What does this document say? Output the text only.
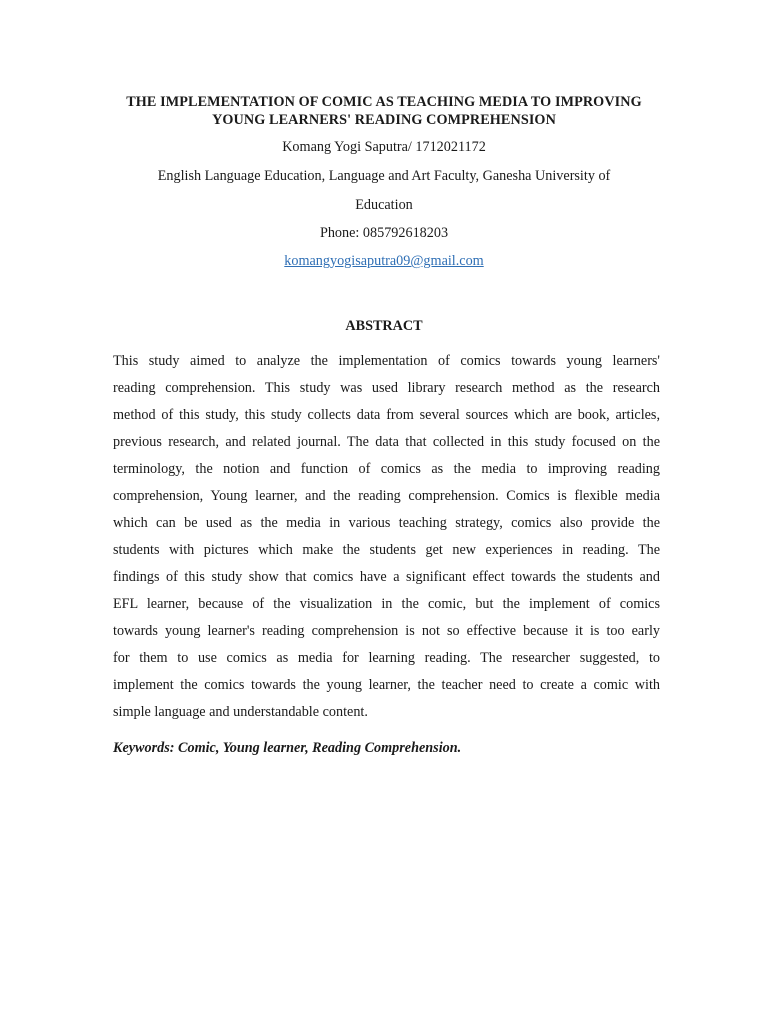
THE IMPLEMENTATION OF COMIC AS TEACHING MEDIA TO IMPROVING
YOUNG LEARNERS' READING COMPREHENSION
Komang Yogi Saputra/ 1712021172
English Language Education, Language and Art Faculty, Ganesha University of
Education
Phone: 085792618203
komangyogisaputra09@gmail.com
ABSTRACT
This study aimed to analyze the implementation of comics towards young learners'
reading comprehension. This study was used library research method as the research
method of this study, this study collects data from several sources which are book, articles,
previous research, and related journal. The data that collected in this study focused on the
terminology, the notion and function of comics as the media to improving reading
comprehension, Young learner, and the reading comprehension. Comics is flexible media
which can be used as the media in various teaching strategy, comics also provide the
students with pictures which make the students get new experiences in reading. The
findings of this study show that comics have a significant effect towards the students and
EFL learner, because of the visualization in the comic, but the implement of comics
towards young learner's reading comprehension is not so effective because it is too early
for them to use comics as media for learning reading. The researcher suggested, to
implement the comics towards the young learner, the teacher need to create a comic with
simple language and understandable content.
Keywords: Comic, Young learner, Reading Comprehension.
